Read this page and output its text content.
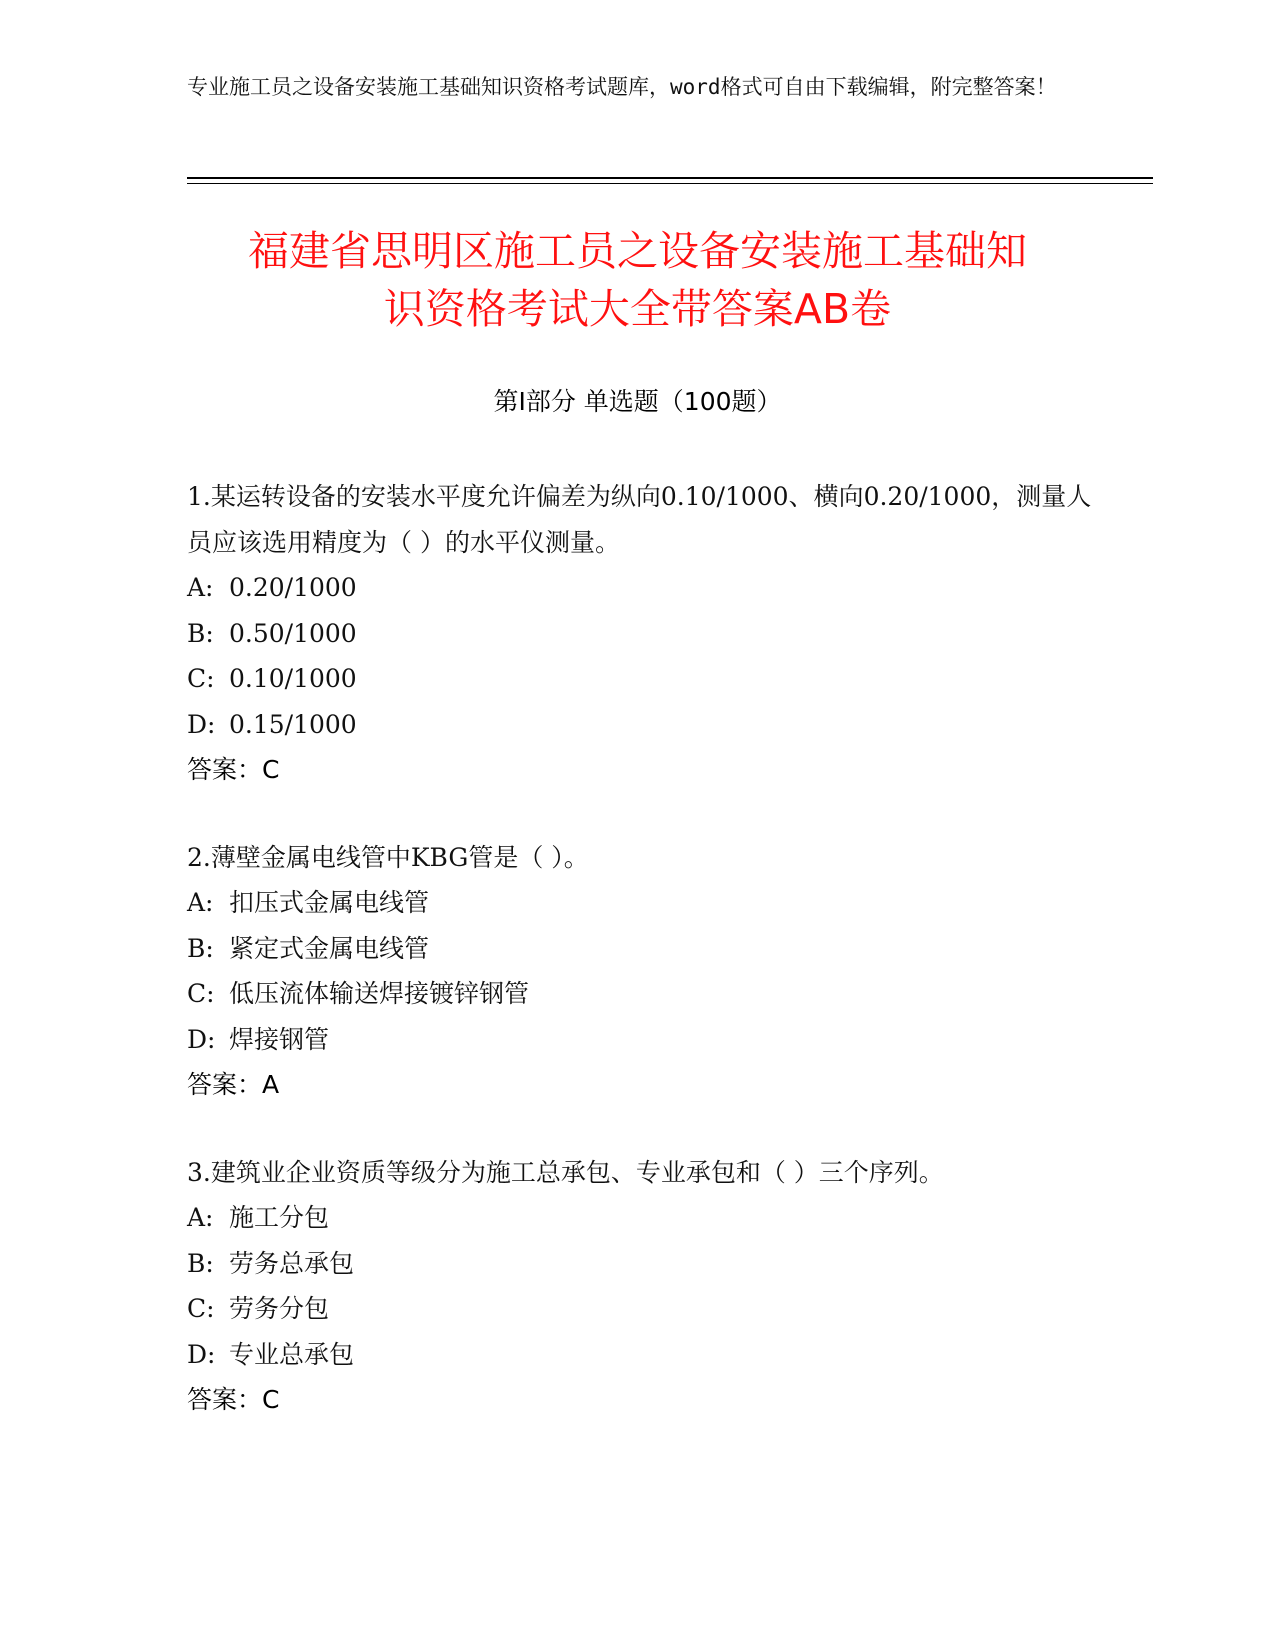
专业施工员之设备安装施工基础知识资格考试题库，word格式可自由下载编辑，附完整答案！
福建省思明区施工员之设备安装施工基础知
识资格考试大全带答案AB卷
第I部分 单选题（100题）

1.某运转设备的安装水平度允许偏差为纵向0.10/1000、横向0.20/1000，测量人员应该选用精度为（ ）的水平仪测量。

A: 0.20/1000

B: 0.50/1000

C: 0.10/1000

D: 0.15/1000

答案：C

2.薄壁金属电线管中KBG管是（ ）。

A: 扣压式金属电线管

B: 紧定式金属电线管

C: 低压流体输送焊接镀锌钢管

D: 焊接钢管

答案：A

3.建筑业企业资质等级分为施工总承包、专业承包和（ ）三个序列。

A: 施工分包

B: 劳务总承包

C: 劳务分包

D: 专业总承包

答案：C
